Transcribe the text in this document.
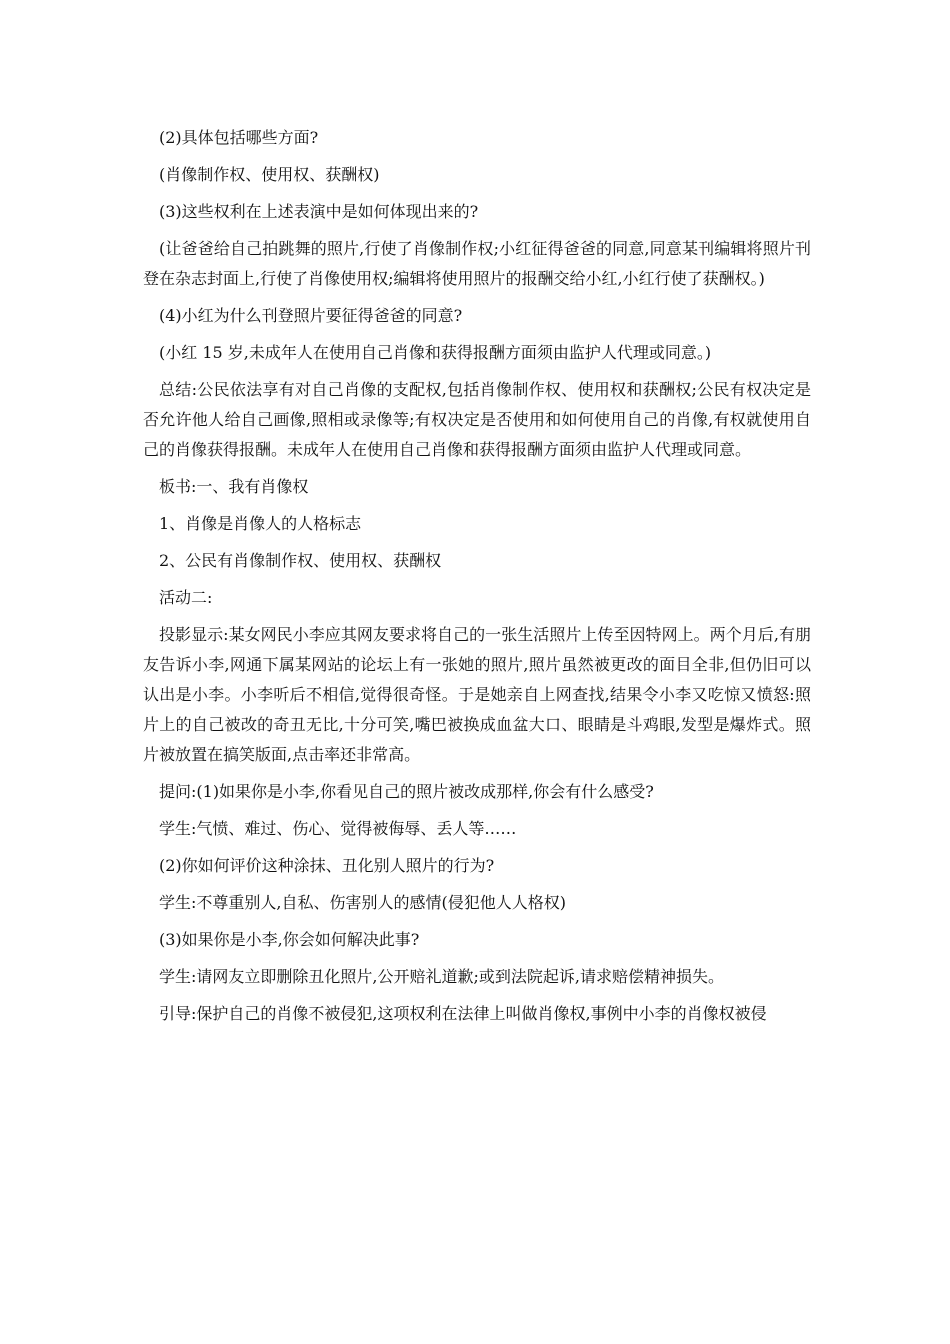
(2)具体包括哪些方面?

(肖像制作权、使用权、获酬权)

(3)这些权利在上述表演中是如何体现出来的?

(让爸爸给自己拍跳舞的照片,行使了肖像制作权;小红征得爸爸的同意,同意某刊编辑将照片刊登在杂志封面上,行使了肖像使用权;编辑将使用照片的报酬交给小红,小红行使了获酬权。)

(4)小红为什么刊登照片要征得爸爸的同意?

(小红 15 岁,未成年人在使用自己肖像和获得报酬方面须由监护人代理或同意。)

总结:公民依法享有对自己肖像的支配权,包括肖像制作权、使用权和获酬权;公民有权决定是否允许他人给自己画像,照相或录像等;有权决定是否使用和如何使用自己的肖像,有权就使用自己的肖像获得报酬。未成年人在使用自己肖像和获得报酬方面须由监护人代理或同意。

板书:一、我有肖像权

1、肖像是肖像人的人格标志

2、公民有肖像制作权、使用权、获酬权

活动二:

投影显示:某女网民小李应其网友要求将自己的一张生活照片上传至因特网上。两个月后,有朋友告诉小李,网通下属某网站的论坛上有一张她的照片,照片虽然被更改的面目全非,但仍旧可以认出是小李。小李听后不相信,觉得很奇怪。于是她亲自上网查找,结果令小李又吃惊又愤怒:照片上的自己被改的奇丑无比,十分可笑,嘴巴被换成血盆大口、眼睛是斗鸡眼,发型是爆炸式。照片被放置在搞笑版面,点击率还非常高。

提问:(1)如果你是小李,你看见自己的照片被改成那样,你会有什么感受?

学生:气愤、难过、伤心、觉得被侮辱、丢人等……

(2)你如何评价这种涂抹、丑化别人照片的行为?

学生:不尊重别人,自私、伤害别人的感情(侵犯他人人格权)

(3)如果你是小李,你会如何解决此事?

学生:请网友立即删除丑化照片,公开赔礼道歉;或到法院起诉,请求赔偿精神损失。

引导:保护自己的肖像不被侵犯,这项权利在法律上叫做肖像权,事例中小李的肖像权被侵
